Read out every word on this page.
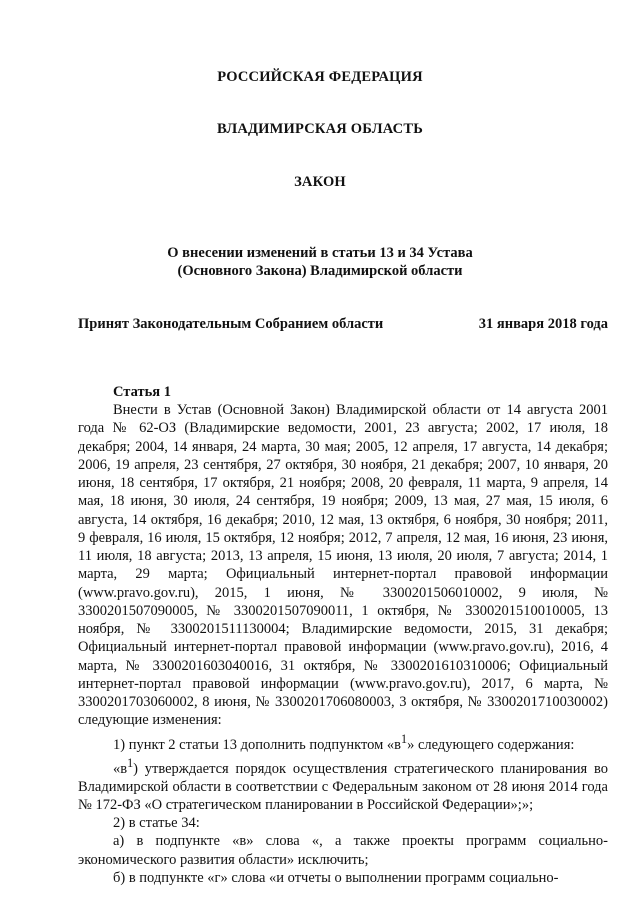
РОССИЙСКАЯ ФЕДЕРАЦИЯ
ВЛАДИМИРСКАЯ ОБЛАСТЬ
ЗАКОН
О внесении изменений в статьи 13 и 34 Устава
(Основного Закона) Владимирской области
Принят Законодательным Собранием области	31 января 2018 года
Статья 1

Внести в Устав (Основной Закон) Владимирской области от 14 августа 2001 года № 62-ОЗ (Владимирские ведомости, 2001, 23 августа; 2002, 17 июля, 18 декабря; 2004, 14 января, 24 марта, 30 мая; 2005, 12 апреля, 17 августа, 14 декабря; 2006, 19 апреля, 23 сентября, 27 октября, 30 ноября, 21 декабря; 2007, 10 января, 20 июня, 18 сентября, 17 октября, 21 ноября; 2008, 20 февраля, 11 марта, 9 апреля, 14 мая, 18 июня, 30 июля, 24 сентября, 19 ноября; 2009, 13 мая, 27 мая, 15 июля, 6 августа, 14 октября, 16 декабря; 2010, 12 мая, 13 октября, 6 ноября, 30 ноября; 2011, 9 февраля, 16 июля, 15 октября, 12 ноября; 2012, 7 апреля, 12 мая, 16 июня, 23 июня, 11 июля, 18 августа; 2013, 13 апреля, 15 июня, 13 июля, 20 июля, 7 августа; 2014, 1 марта, 29 марта; Официальный интернет-портал правовой информации (www.pravo.gov.ru), 2015, 1 июня, № 3300201506010002, 9 июля, № 3300201507090005, № 3300201507090011, 1 октября, № 3300201510010005, 13 ноября, № 3300201511130004; Владимирские ведомости, 2015, 31 декабря; Официальный интернет-портал правовой информации (www.pravo.gov.ru), 2016, 4 марта, № 3300201603040016, 31 октября, № 3300201610310006; Официальный интернет-портал правовой информации (www.pravo.gov.ru), 2017, 6 марта, № 3300201703060002, 8 июня, № 3300201706080003, 3 октября, № 3300201710030002) следующие изменения:

1) пункт 2 статьи 13 дополнить подпунктом «$в^1$» следующего содержания:

«$в^1$) утверждается порядок осуществления стратегического планирования во Владимирской области в соответствии с Федеральным законом от 28 июня 2014 года № 172-ФЗ «О стратегическом планировании в Российской Федерации»;»;

2) в статье 34:

а) в подпункте «в» слова «, а также проекты программ социально-экономического развития области» исключить;

б) в подпункте «г» слова «и отчеты о выполнении программ социально-
